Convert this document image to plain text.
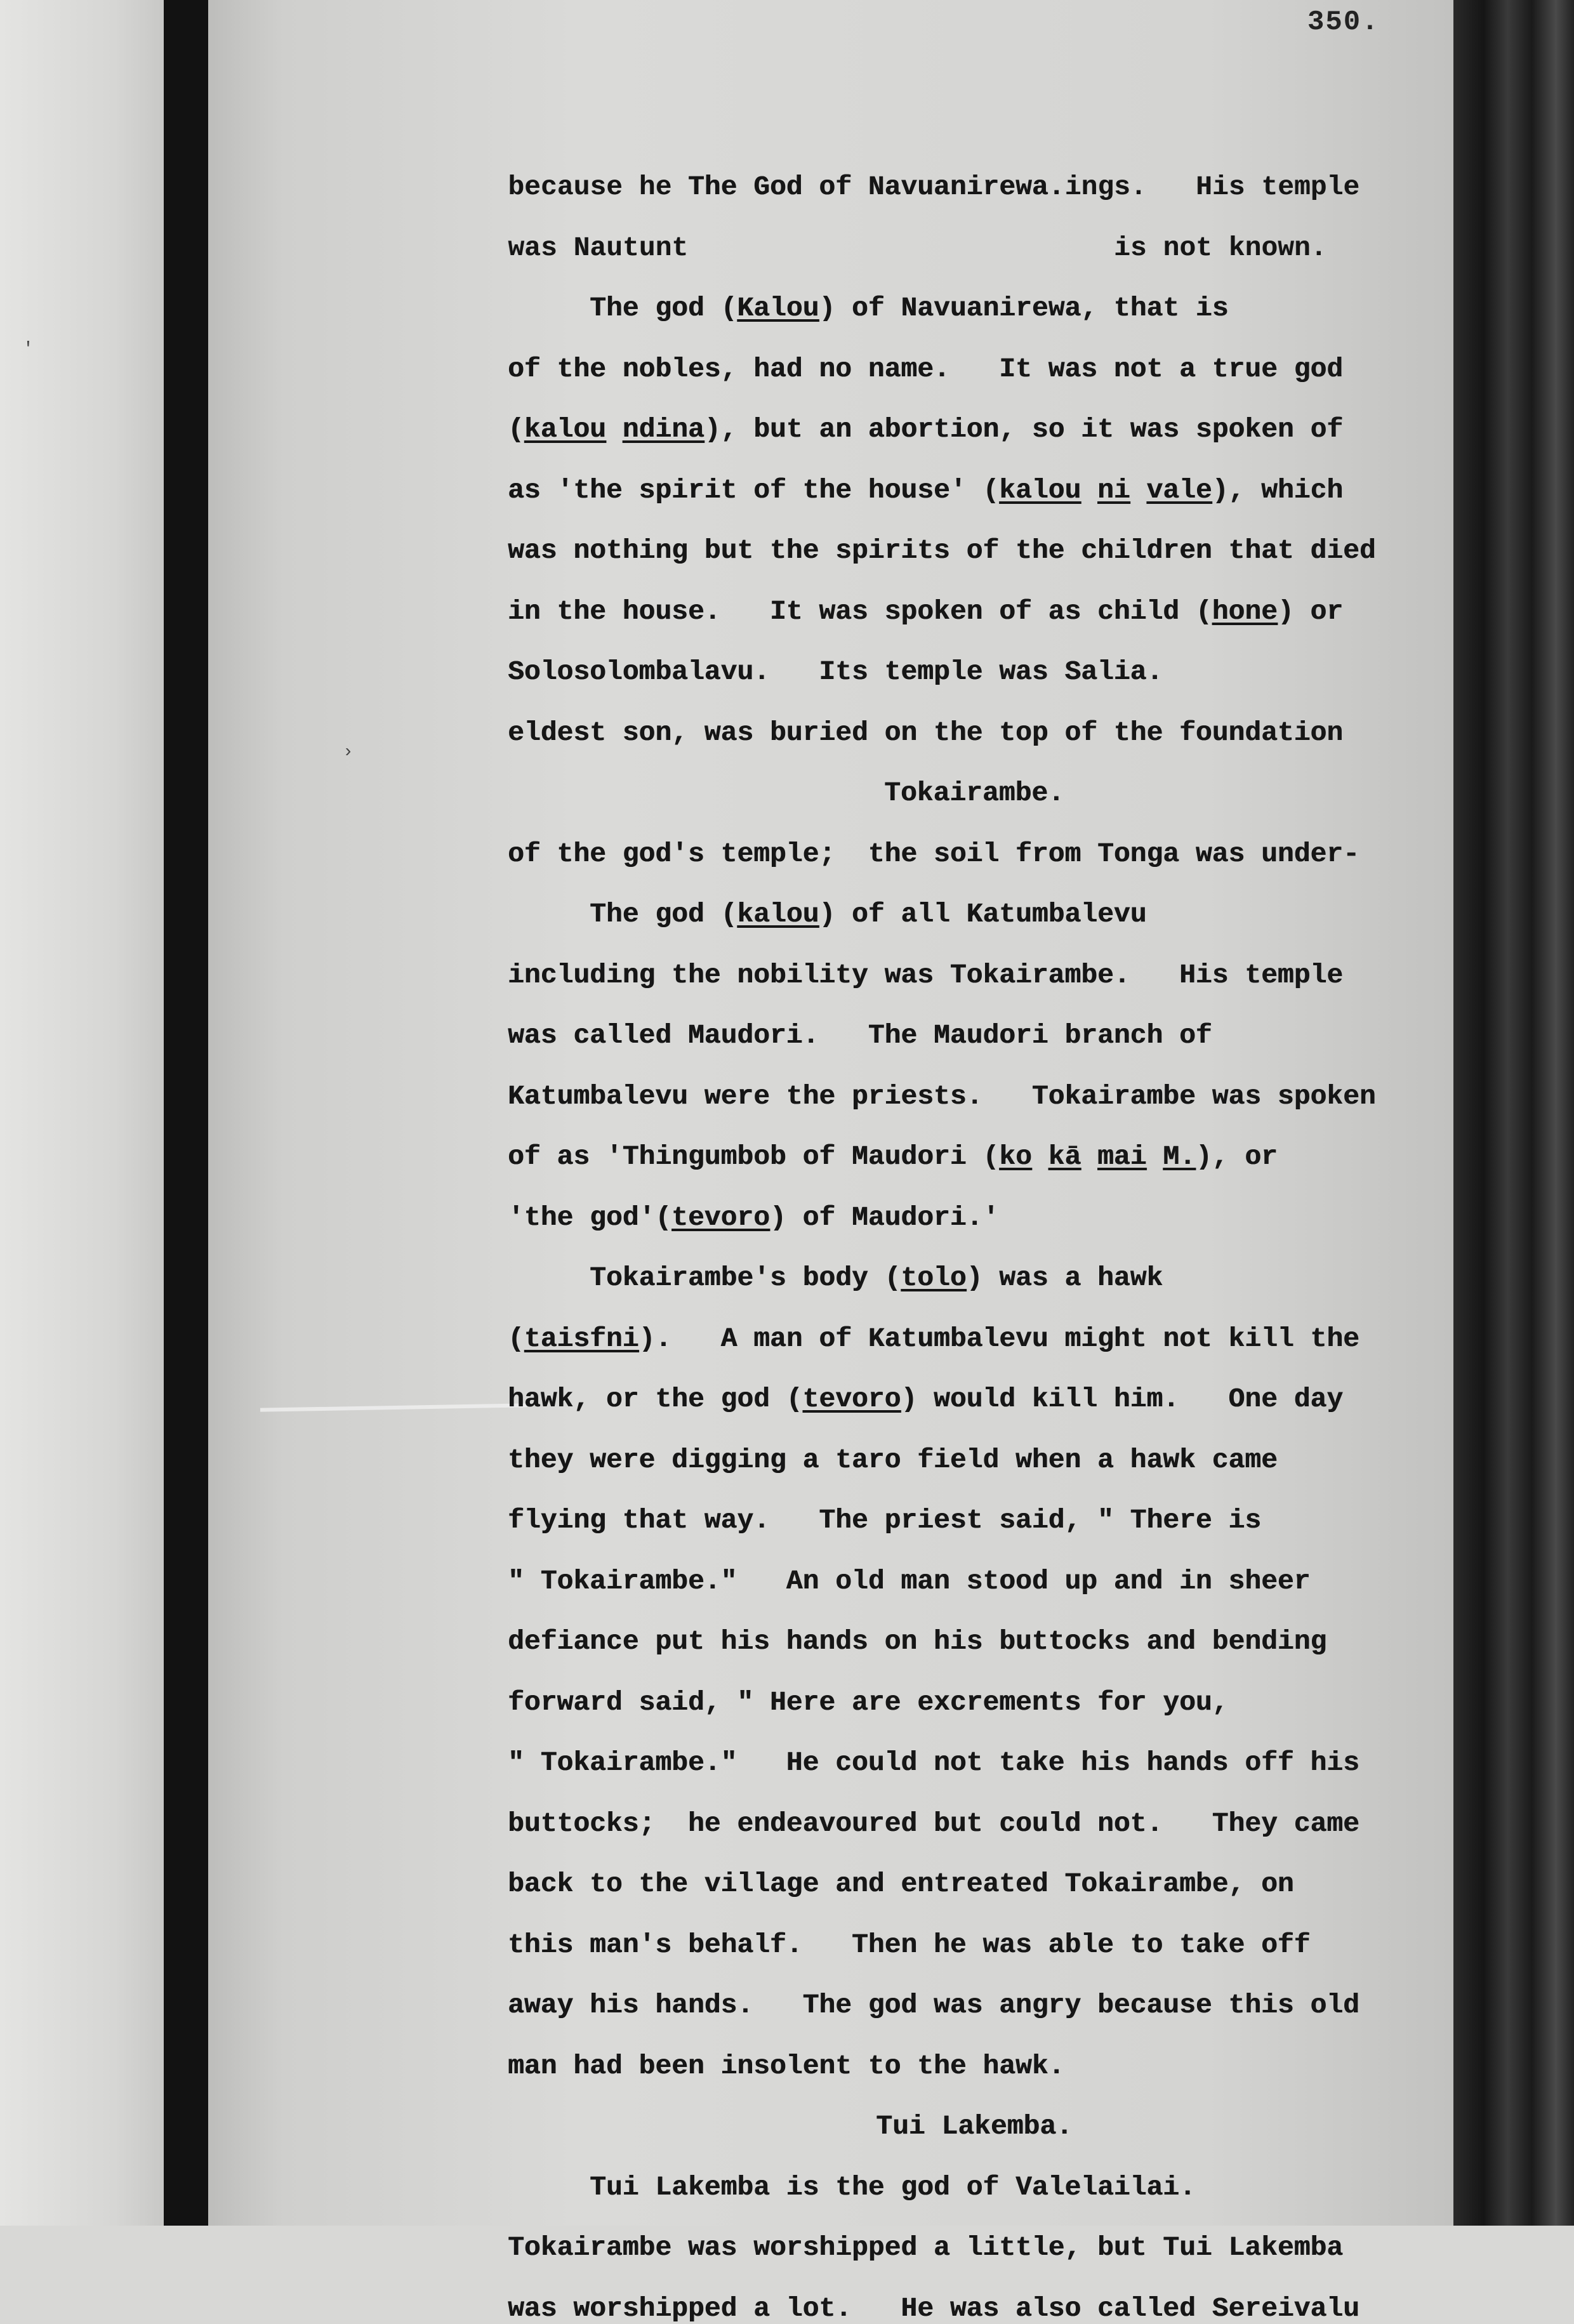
′
›
350.
because he The God of Navuanirewa.ings.   His temple
was Nautunt                          is not known.
The god (Kalou) of Navuanirewa, that is
of the nobles, had no name.   It was not a true god
(kalou ndina), but an abortion, so it was spoken of
as 'the spirit of the house' (kalou ni vale), which
was nothing but the spirits of the children that died
in the house.   It was spoken of as child (hone) or
Solosolombalavu.   Its temple was Salia.
eldest son, was buried on the top of the foundation
Tokairambe.
of the god's temple;  the soil from Tonga was under-
The god (kalou) of all Katumbalevu
including the nobility was Tokairambe.   His temple
was called Maudori.   The Maudori branch of
Katumbalevu were the priests.   Tokairambe was spoken
of as 'Thingumbob of Maudori (ko kā mai M.), or
'the god'(tevoro) of Maudori.'
Tokairambe's body (tolo) was a hawk
(taisfni).   A man of Katumbalevu might not kill the
hawk, or the god (tevoro) would kill him.   One day
they were digging a taro field when a hawk came
flying that way.   The priest said, " There is
" Tokairambe."   An old man stood up and in sheer
defiance put his hands on his buttocks and bending
forward said, " Here are excrements for you,
" Tokairambe."   He could not take his hands off his
buttocks;  he endeavoured but could not.   They came
back to the village and entreated Tokairambe, on
this man's behalf.   Then he was able to take off
away his hands.   The god was angry because this old
man had been insolent to the hawk.
Tui Lakemba.
Tui Lakemba is the god of Valelailai.
Tokairambe was worshipped a little, but Tui Lakemba
was worshipped a lot.   He was also called Sereivalu
